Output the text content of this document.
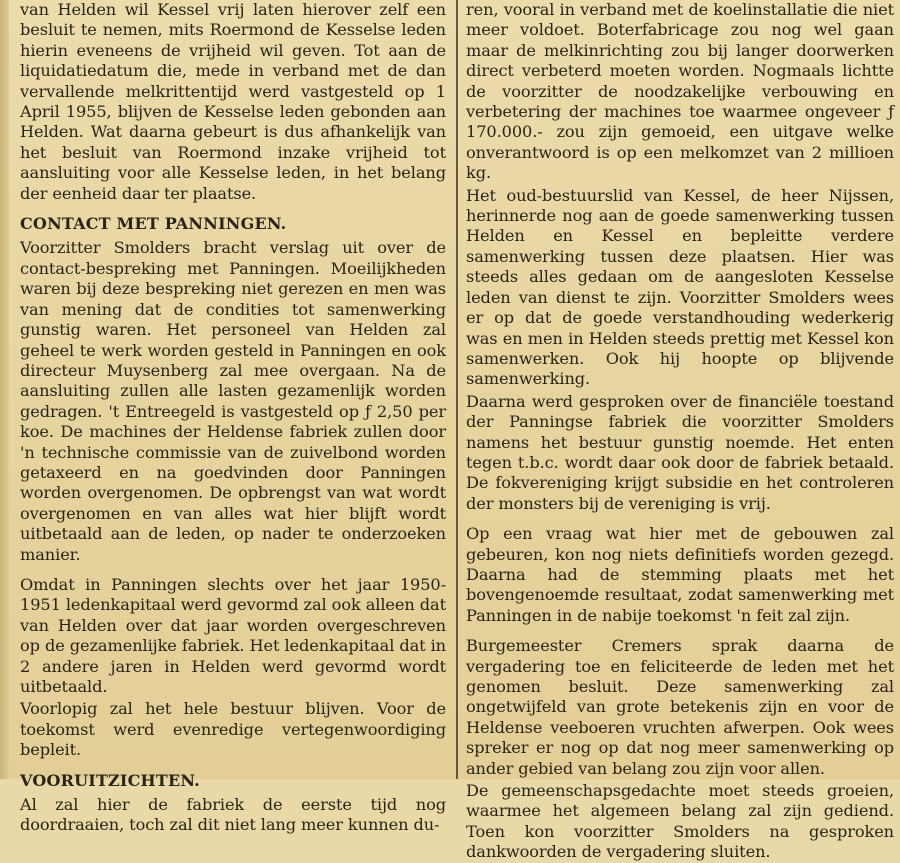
van Helden wil Kessel vrij laten hierover zelf een besluit te nemen, mits Roermond de Kesselse leden hierin eveneens de vrijheid wil geven. Tot aan de liquidatiedatum die, mede in verband met de dan vervallende melkrittentijd werd vastgesteld op 1 April 1955, blijven de Kesselse leden gebonden aan Helden. Wat daarna gebeurt is dus afhankelijk van het besluit van Roermond inzake vrijheid tot aansluiting voor alle Kesselse leden, in het belang der eenheid daar ter plaatse.

CONTACT MET PANNINGEN.

Voorzitter Smolders bracht verslag uit over de contact-bespreking met Panningen. Moeilijkheden waren bij deze bespreking niet gerezen en men was van mening dat de condities tot samenwerking gunstig waren. Het personeel van Helden zal geheel te werk worden gesteld in Panningen en ook directeur Muysenberg zal mee overgaan. Na de aansluiting zullen alle lasten gezamenlijk worden gedragen. 't Entreegeld is vastgesteld op ƒ 2,50 per koe. De machines der Heldense fabriek zullen door 'n technische commissie van de zuivelbond worden getaxeerd en na goedvinden door Panningen worden overgenomen. De opbrengst van wat wordt overgenomen en van alles wat hier blijft wordt uitbetaald aan de leden, op nader te onderzoeken manier.

Omdat in Panningen slechts over het jaar 1950-1951 ledenkapitaal werd gevormd zal ook alleen dat van Helden over dat jaar worden overgeschreven op de gezamenlijke fabriek. Het ledenkapitaal dat in 2 andere jaren in Helden werd gevormd wordt uitbetaald.

Voorlopig zal het hele bestuur blijven. Voor de toekomst werd evenredige vertegenwoordiging bepleit.

VOORUITZICHTEN.

Al zal hier de fabriek de eerste tijd nog doordraaien, toch zal dit niet lang meer kunnen du-

ren, vooral in verband met de koelinstallatie die niet meer voldoet. Boterfabricage zou nog wel gaan maar de melkinrichting zou bij langer doorwerken direct verbeterd moeten worden. Nogmaals lichtte de voorzitter de noodzakelijke verbouwing en verbetering der machines toe waarmee ongeveer ƒ 170.000.- zou zijn gemoeid, een uitgave welke onverantwoord is op een melkomzet van 2 millioen kg.

Het oud-bestuurslid van Kessel, de heer Nijssen, herinnerde nog aan de goede samenwerking tussen Helden en Kessel en bepleitte verdere samenwerking tussen deze plaatsen. Hier was steeds alles gedaan om de aangesloten Kesselse leden van dienst te zijn. Voorzitter Smolders wees er op dat de goede verstandhouding wederkerig was en men in Helden steeds prettig met Kessel kon samenwerken. Ook hij hoopte op blijvende samenwerking.

Daarna werd gesproken over de financiële toestand der Panningse fabriek die voorzitter Smolders namens het bestuur gunstig noemde. Het enten tegen t.b.c. wordt daar ook door de fabriek betaald. De fokvereniging krijgt subsidie en het controleren der monsters bij de vereniging is vrij.

Op een vraag wat hier met de gebouwen zal gebeuren, kon nog niets definitiefs worden gezegd. Daarna had de stemming plaats met het bovengenoemde resultaat, zodat samenwerking met Panningen in de nabije toekomst 'n feit zal zijn.

Burgemeester Cremers sprak daarna de vergadering toe en feliciteerde de leden met het genomen besluit. Deze samenwerking zal ongetwijfeld van grote betekenis zijn en voor de Heldense veeboeren vruchten afwerpen. Ook wees spreker er nog op dat nog meer samenwerking op ander gebied van belang zou zijn voor allen.

De gemeenschapsgedachte moet steeds groeien, waarmee het algemeen belang zal zijn gediend. Toen kon voorzitter Smolders na gesproken dankwoorden de vergadering sluiten.
